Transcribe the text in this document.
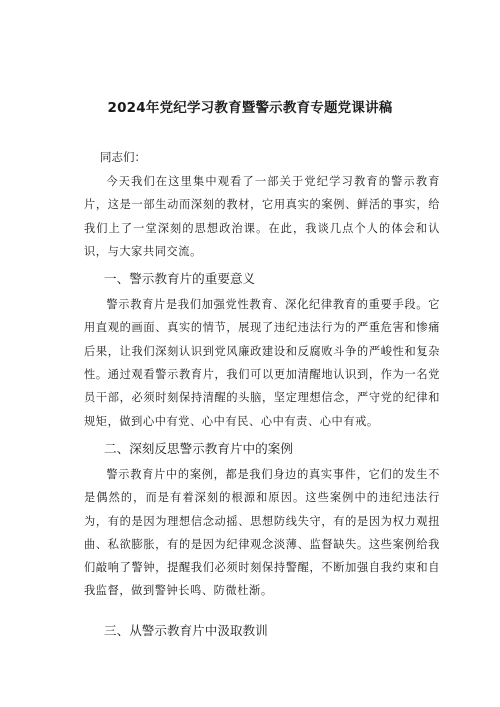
2024年党纪学习教育暨警示教育专题党课讲稿
同志们：

今天我们在这里集中观看了一部关于党纪学习教育的警示教育片，这是一部生动而深刻的教材，它用真实的案例、鲜活的事实，给我们上了一堂深刻的思想政治课。在此，我谈几点个人的体会和认识，与大家共同交流。

一、警示教育片的重要意义

警示教育片是我们加强党性教育、深化纪律教育的重要手段。它用直观的画面、真实的情节，展现了违纪违法行为的严重危害和惨痛后果，让我们深刻认识到党风廉政建设和反腐败斗争的严峻性和复杂性。通过观看警示教育片，我们可以更加清醒地认识到，作为一名党员干部，必须时刻保持清醒的头脑，坚定理想信念，严守党的纪律和规矩，做到心中有党、心中有民、心中有责、心中有戒。

二、深刻反思警示教育片中的案例

警示教育片中的案例，都是我们身边的真实事件，它们的发生不是偶然的，而是有着深刻的根源和原因。这些案例中的违纪违法行为，有的是因为理想信念动摇、思想防线失守，有的是因为权力观扭曲、私欲膨胀，有的是因为纪律观念淡薄、监督缺失。这些案例给我们敲响了警钟，提醒我们必须时刻保持警醒，不断加强自我约束和自我监督，做到警钟长鸣、防微杜渐。

三、从警示教育片中汲取教训
